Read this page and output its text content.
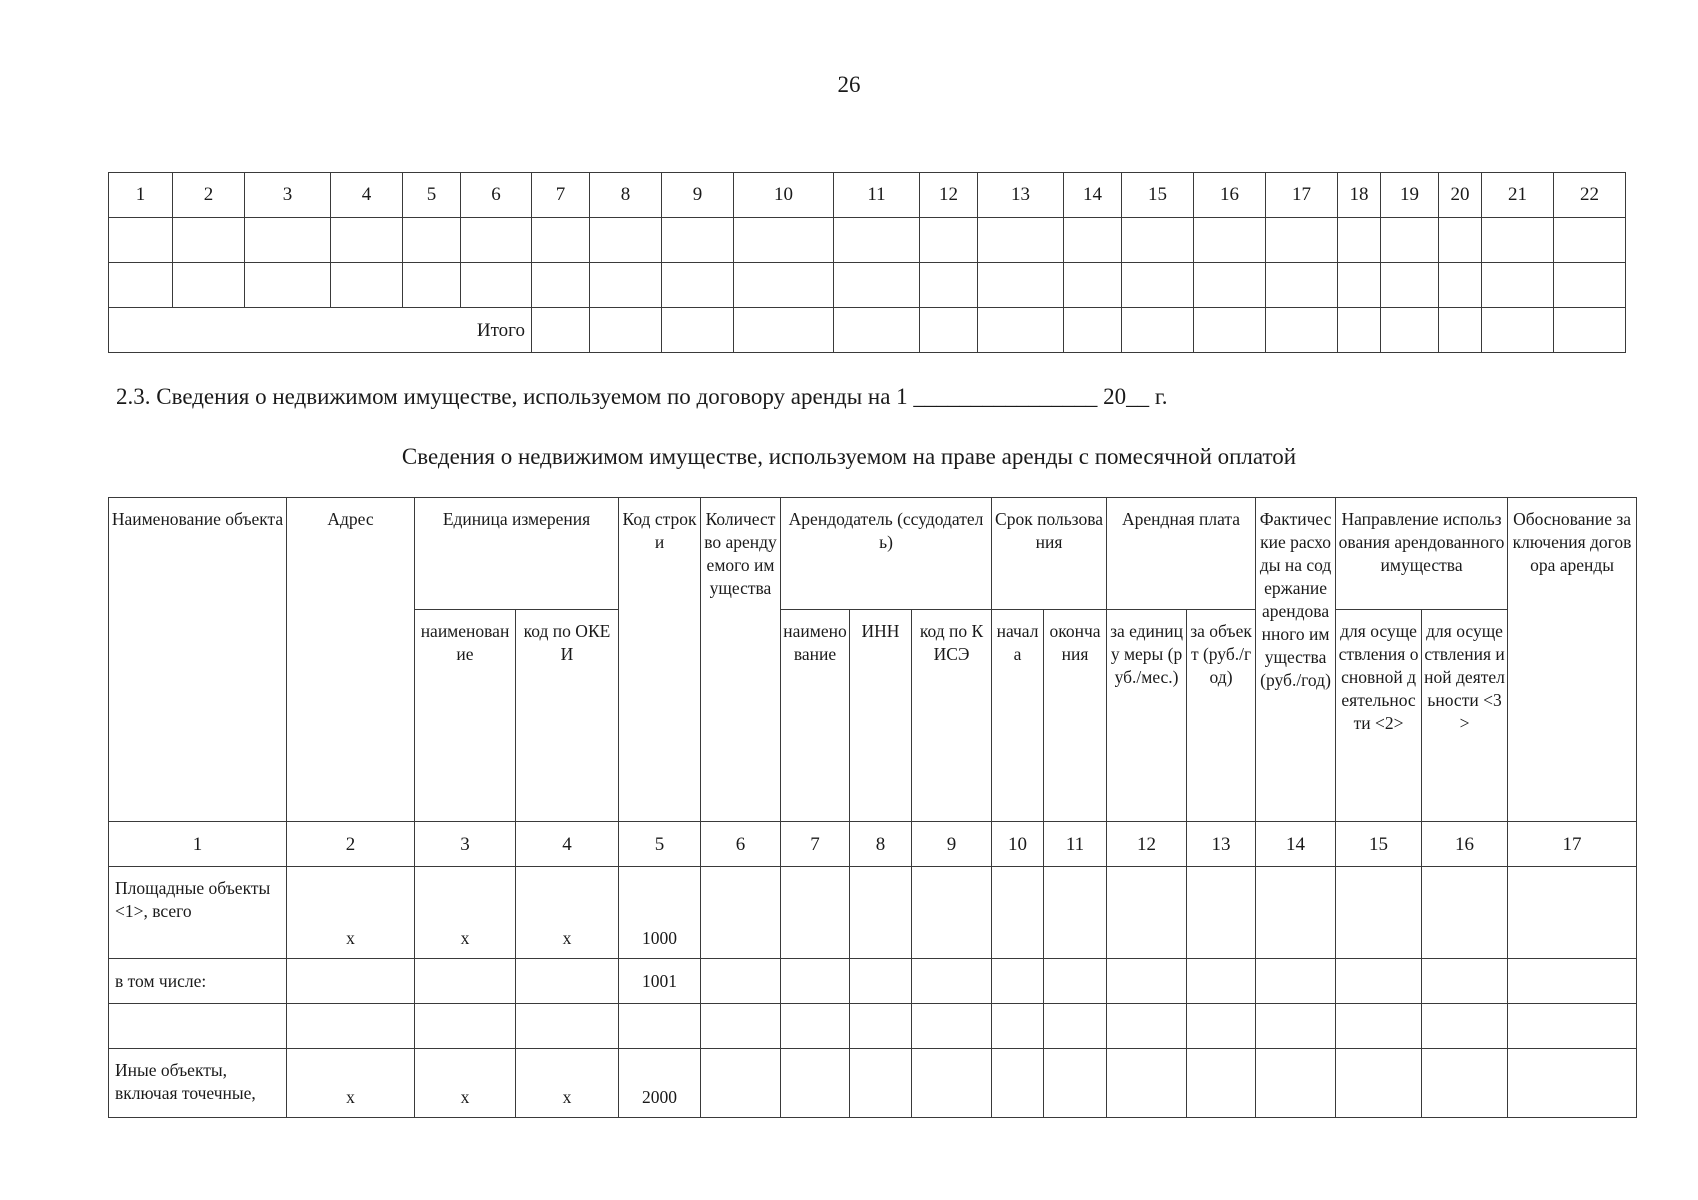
26
1	2	3	4	5	6	7	8	9	10	11	12	13	14	15	16	17	18	19	20	21	22

Итого																					
2.3. Сведения о недвижимом имуществе, используемом по договору аренды на 1 ________________ 20__ г.
Сведения о недвижимом имуществе, используемом на праве аренды с помесячной оплатой
Наименование объекта	Адрес	Единица измерения		Код строки	Количество арендуемого имущества	Арендодатель (ссудодатель)			Срок пользования		Арендная плата		Фактические расходы на содержание арендованного имущества (руб./год)	Направление использования арендованного имущества		Обоснование заключения договора аренды
		наименование	код по ОКЕИ			наименование	ИНН	код по КИСЭ	начала	окончания	за единицу меры (руб./мес.)	за объект (руб./год)		для осуществления основной деятельности <2>	для осуществления иной деятельности <3>	
1	2	3	4	5	6	7	8	9	10	11	12	13	14	15	16	17
Площадные объекты <1>, всего	x	x	x	1000												
в том числе:				1001												

Иные объекты, включая точечные,	x	x	x	2000												
